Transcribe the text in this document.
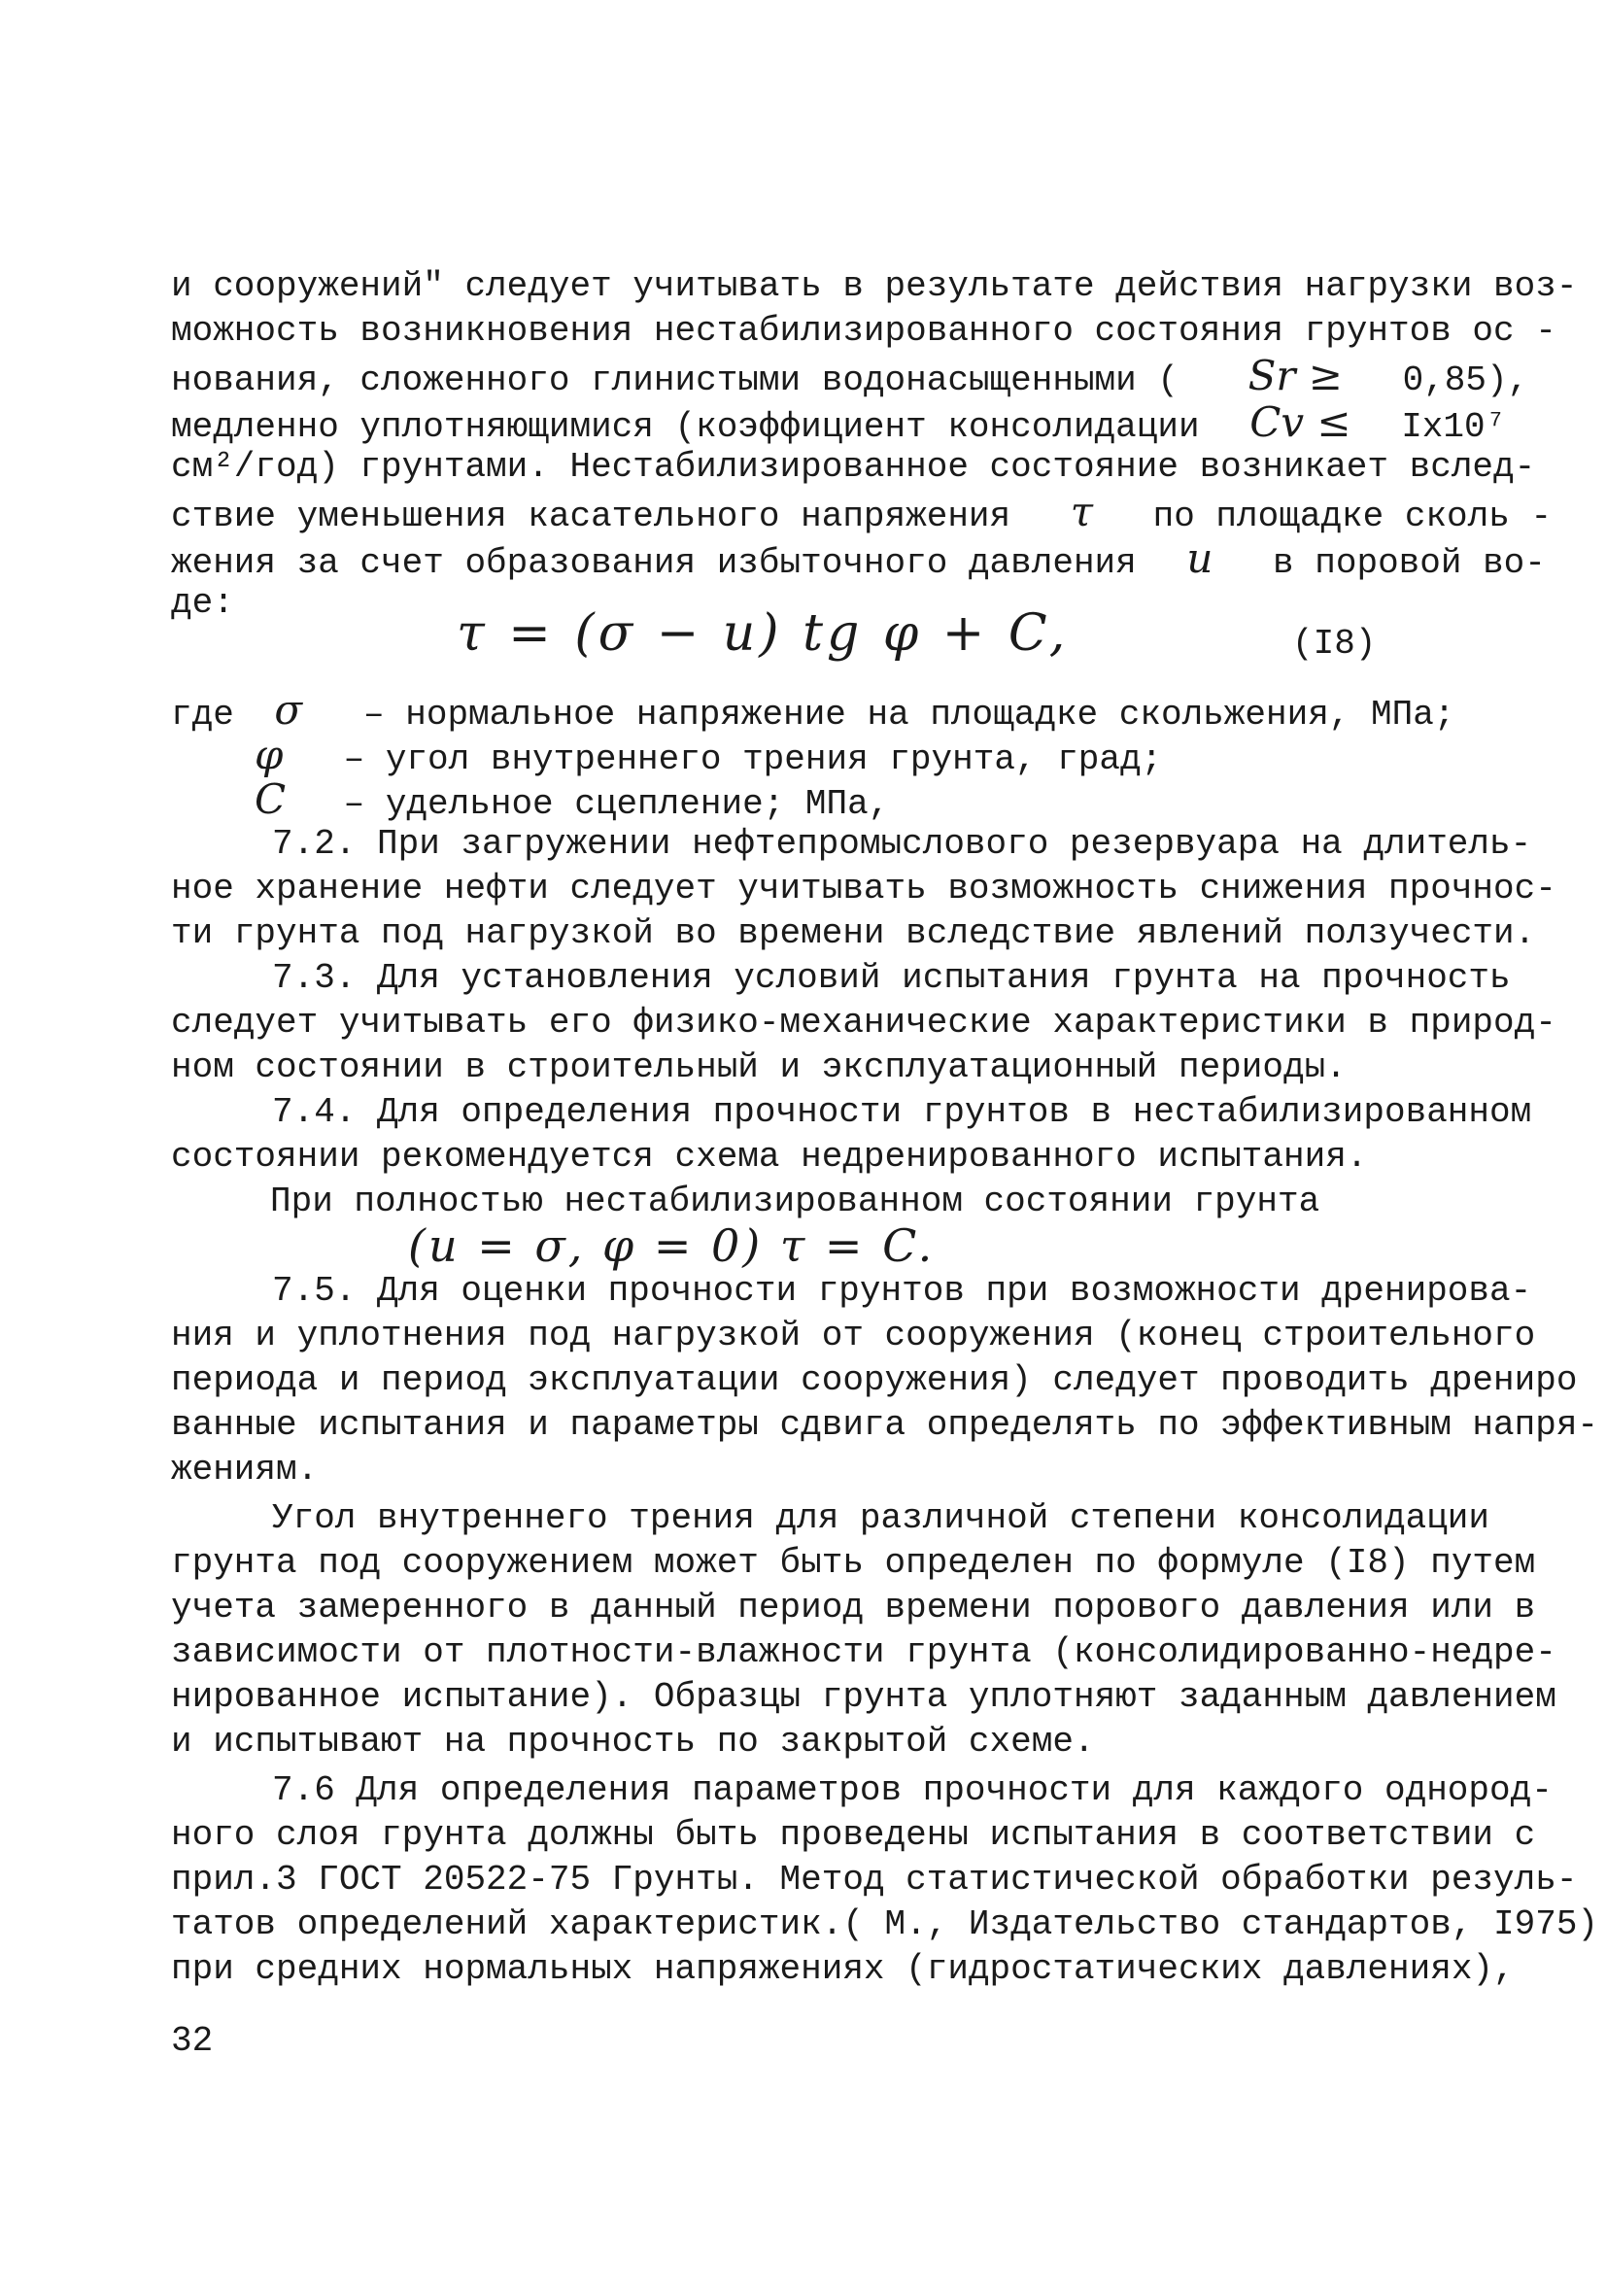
и сооружений" следует учитывать в результате действия нагрузки воз-
можность возникновения нестабилизированного состояния грунтов ос -
нования, сложенного глинистыми водонасыщенными ( Sr ≥ 0,85),
медленно уплотняющимися (коэффициент консолидации Cv ≤ Iх10⁷
см²/год) грунтами. Нестабилизированное состояние возникает вслед-
ствие уменьшения касательного напряжения τ по площадке сколь -
жения за счет образования избыточного давления u в поровой во-
де:
τ = (σ − u) tg φ + C,	(I8)
где σ – нормальное напряжение на площадке скольжения, МПа;
φ – угол внутреннего трения грунта, град;
C – удельное сцепление; МПа,
7.2. При загружении нефтепромыслового резервуара на длитель-
ное хранение нефти следует учитывать возможность снижения прочнос-
ти грунта под нагрузкой во времени вследствие явлений ползучести.
7.3. Для установления условий испытания грунта на прочность
следует учитывать его физико-механические характеристики в природ-
ном состоянии в строительный и эксплуатационный периоды.
7.4. Для определения прочности грунтов в нестабилизированном
состоянии рекомендуется схема недренированного испытания.
При полностью нестабилизированном состоянии грунта
(u = σ, φ = 0) τ = C.
7.5. Для оценки прочности грунтов при возможности дренирова-
ния и уплотнения под нагрузкой от сооружения (конец строительного
периода и период эксплуатации сооружения) следует проводить дрениро
ванные испытания и параметры сдвига определять по эффективным напря-
жениям.
Угол внутреннего трения для различной степени консолидации
грунта под сооружением может быть определен по формуле (I8) путем
учета замеренного в данный период времени порового давления или в
зависимости от плотности-влажности грунта (консолидированно-недре-
нированное испытание). Образцы грунта уплотняют заданным давлением
и испытывают на прочность по закрытой схеме.
7.6 Для определения параметров прочности для каждого однород-
ного слоя грунта должны быть проведены испытания в соответствии с
прил.3 ГОСТ 20522-75 Грунты. Метод статистической обработки резуль-
татов определений характеристик.( М., Издательство стандартов, I975)
при средних нормальных напряжениях (гидростатических давлениях),
32
